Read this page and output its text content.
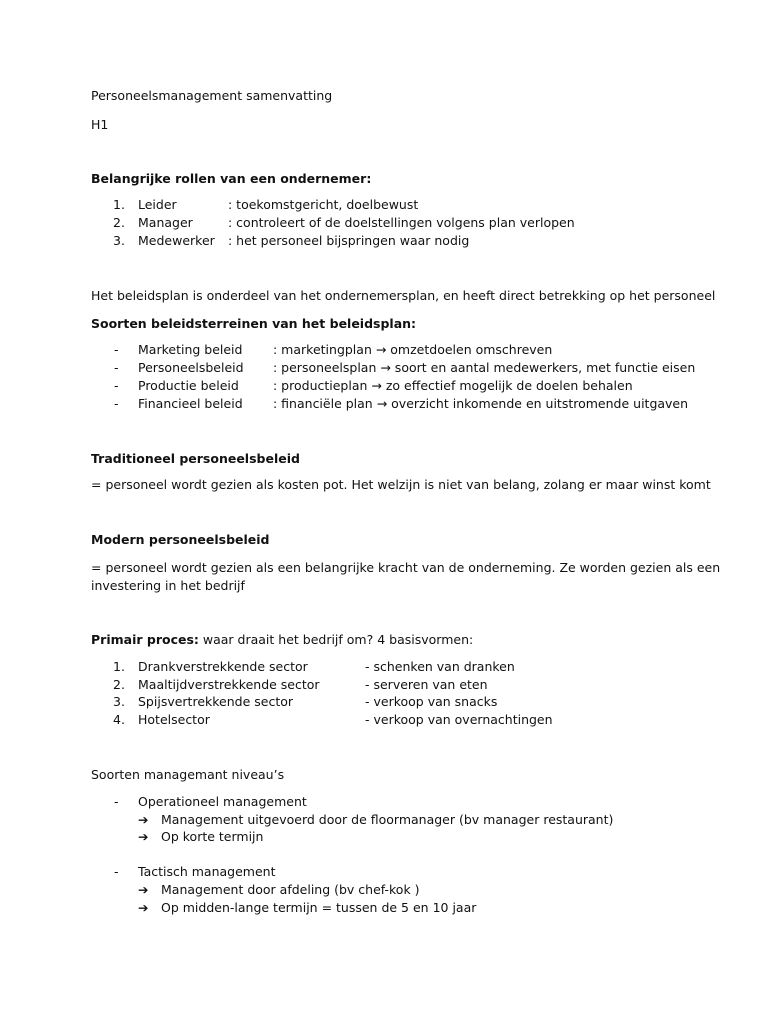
Personeelsmanagement samenvatting
H1
Belangrijke rollen van een ondernemer:
1. Leider	: toekomstgericht, doelbewust
2. Manager	: controleert of de doelstellingen volgens plan verlopen
3. Medewerker : het personeel bijspringen waar nodig
Het beleidsplan is onderdeel van het ondernemersplan, en heeft direct betrekking op het personeel
Soorten beleidsterreinen van het beleidsplan:
- Marketing beleid : marketingplan → omzetdoelen omschreven
- Personeelsbeleid : personeelsplan → soort en aantal medewerkers, met functie eisen
- Productie beleid	: productieplan → zo effectief mogelijk de doelen behalen
- Financieel beleid : financiële plan → overzicht inkomende en uitstromende uitgaven
Traditioneel personeelsbeleid
= personeel wordt gezien als kosten pot. Het welzijn is niet van belang, zolang er maar winst komt
Modern personeelsbeleid
= personeel wordt gezien als een belangrijke kracht van de onderneming. Ze worden gezien als een
investering in het bedrijf
Primair proces: waar draait het bedrijf om? 4 basisvormen:
1. Drankverstrekkende sector	- schenken van dranken
2. Maaltijdverstrekkende sector	- serveren van eten
3. Spijsvertrekkende sector	- verkoop van snacks
4. Hotelsector	- verkoop van overnachtingen
Soorten managemant niveau’s
- Operationeel management
➔ Management uitgevoerd door de floormanager (bv manager restaurant)
➔ Op korte termijn
- Tactisch management
➔ Management door afdeling (bv chef-kok )
➔ Op midden-lange termijn = tussen de 5 en 10 jaar
